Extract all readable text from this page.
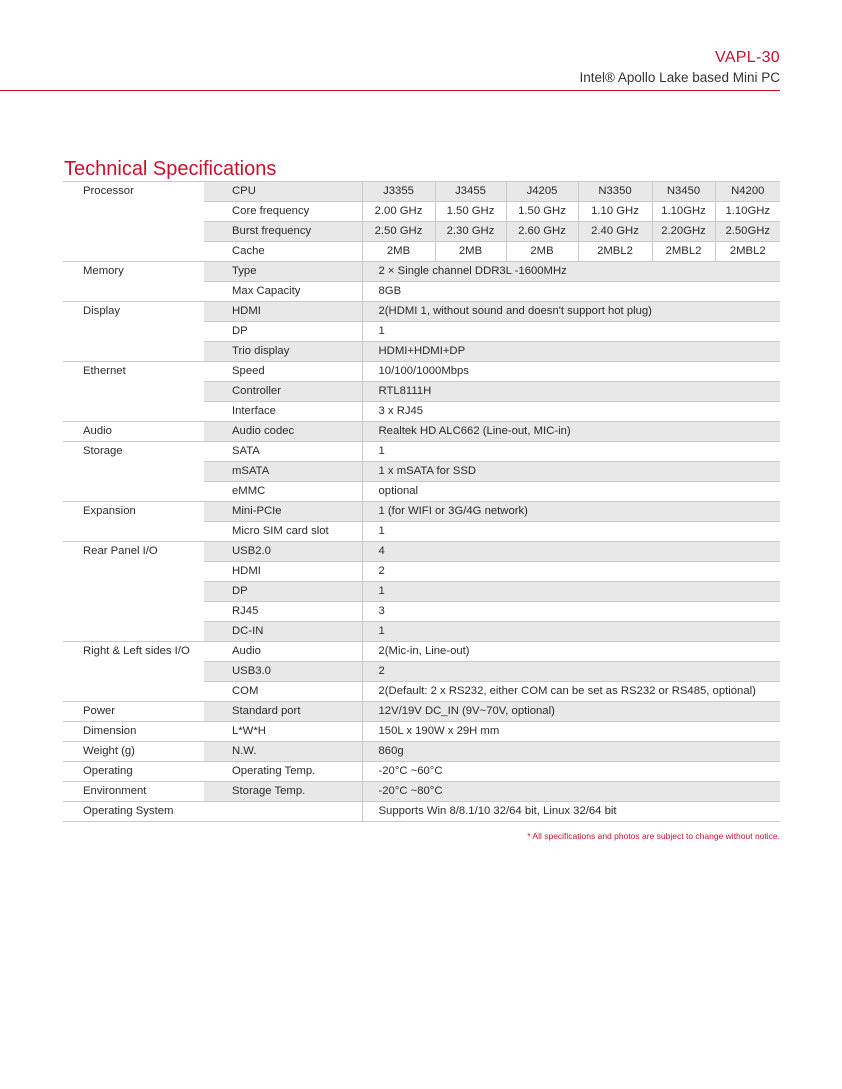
VAPL-30
Intel® Apollo Lake based Mini PC
Technical Specifications
Processor	CPU	J3355	J3455	J4205	N3350	N3450	N4200
	Core frequency	2.00 GHz	1.50 GHz	1.50 GHz	1.10 GHz	1.10GHz	1.10GHz
	Burst frequency	2.50 GHz	2.30 GHz	2.60 GHz	2.40 GHz	2.20GHz	2.50GHz
	Cache	2MB	2MB	2MB	2MBL2	2MBL2	2MBL2
Memory	Type	2 × Single channel DDR3L -1600MHz					
	Max Capacity	8GB					
Display	HDMI	2(HDMI 1, without sound and doesn't support hot plug)					
	DP	1					
	Trio display	HDMI+HDMI+DP					
Ethernet	Speed	10/100/1000Mbps					
	Controller	RTL8111H					
	Interface	3 x RJ45					
Audio	Audio codec	Realtek HD ALC662 (Line-out, MIC-in)					
Storage	SATA	1					
	mSATA	1 x mSATA for SSD					
	eMMC	optional					
Expansion	Mini-PCIe	1 (for WIFI or 3G/4G network)					
	Micro SIM card slot	1					
Rear Panel I/O	USB2.0	4					
	HDMI	2					
	DP	1					
	RJ45	3					
	DC-IN	1					
Right & Left sides I/O	Audio	2(Mic-in, Line-out)					
	USB3.0	2					
	COM	2(Default: 2 x RS232, either COM can be set as RS232 or RS485, optional)					
Power	Standard port	12V/19V DC_IN (9V~70V, optional)					
Dimension	L*W*H	150L x 190W x 29H mm					
Weight (g)	N.W.	860g					
Operating	Operating Temp.	-20°C ~60°C					
Environment	Storage Temp.	-20°C ~80°C					
Operating System		Supports Win 8/8.1/10 32/64 bit, Linux 32/64 bit					
* All specifications and photos are subject to change without notice.
